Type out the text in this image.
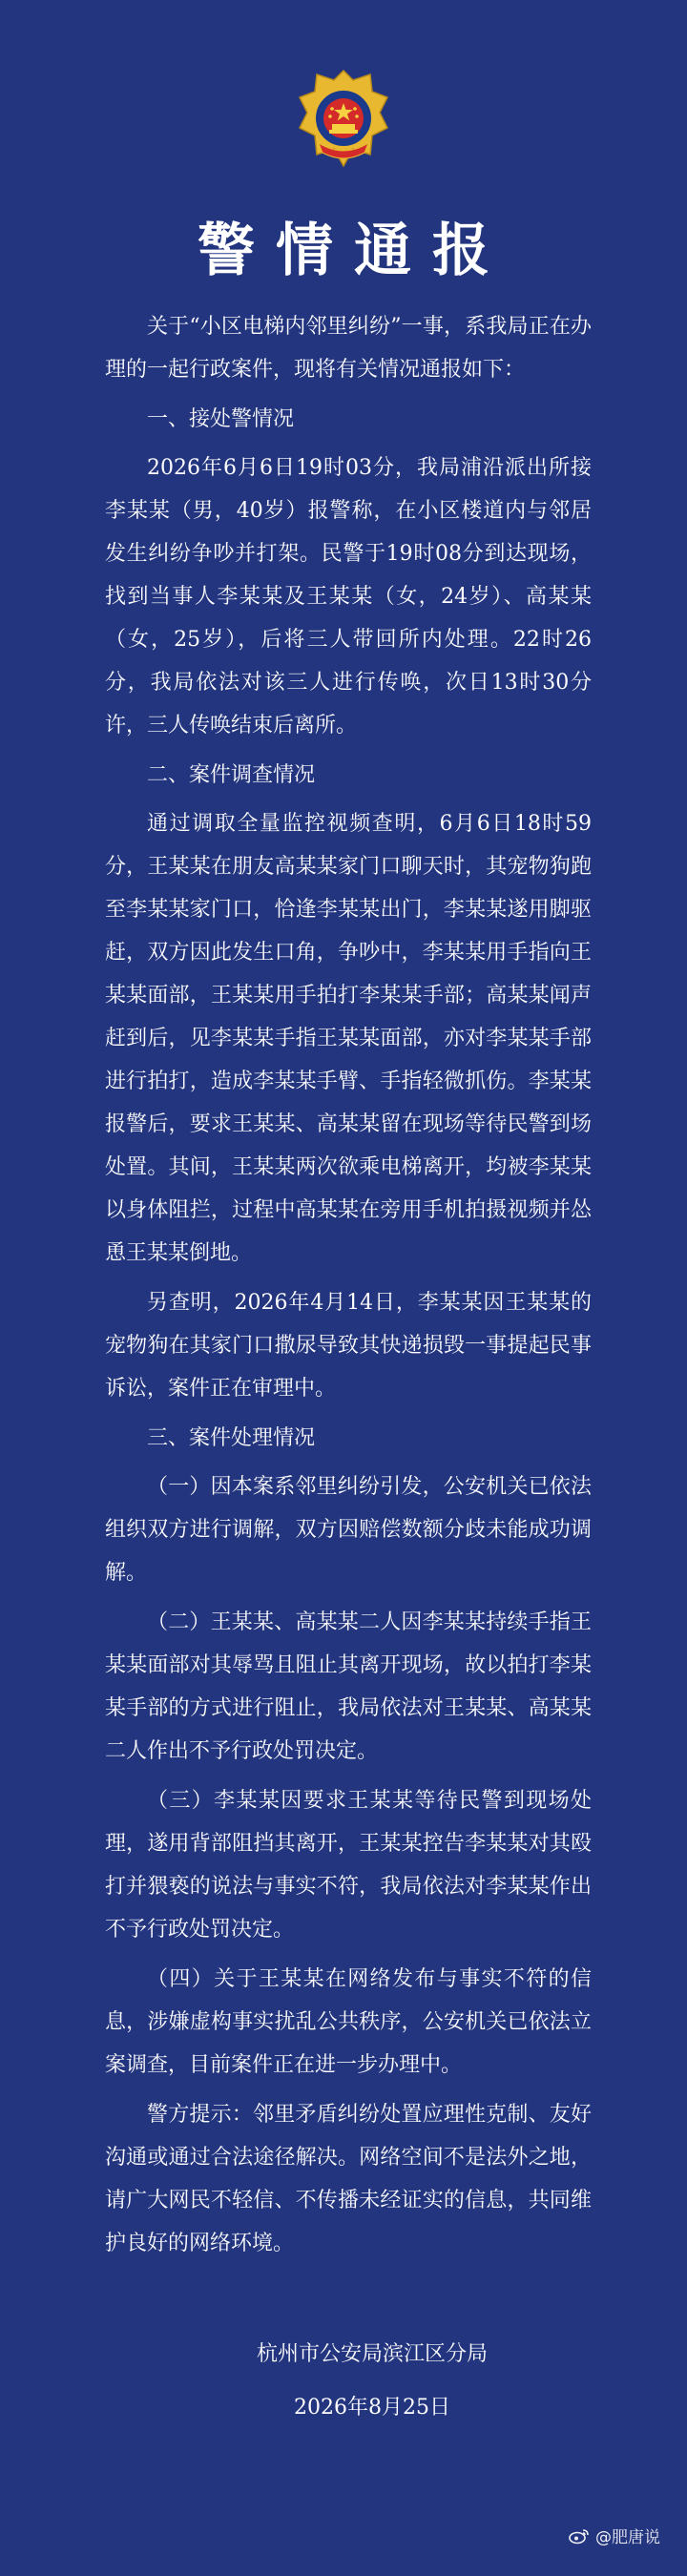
警情通报

关于“小区电梯内邻里纠纷”一事，系我局正在办理的一起行政案件，现将有关情况通报如下：

一、接处警情况

2026年6月6日19时03分，我局浦沿派出所接李某某（男，40岁）报警称，在小区楼道内与邻居发生纠纷争吵并打架。民警于19时08分到达现场，找到当事人李某某及王某某（女，24岁）、高某某（女，25岁），后将三人带回所内处理。22时26分，我局依法对该三人进行传唤，次日13时30分许，三人传唤结束后离所。

二、案件调查情况

通过调取全量监控视频查明，6月6日18时59分，王某某在朋友高某某家门口聊天时，其宠物狗跑至李某某家门口，恰逢李某某出门，李某某遂用脚驱赶，双方因此发生口角，争吵中，李某某用手指向王某某面部，王某某用手拍打李某某手部；高某某闻声赶到后，见李某某手指王某某面部，亦对李某某手部进行拍打，造成李某某手臂、手指轻微抓伤。李某某报警后，要求王某某、高某某留在现场等待民警到场处置。其间，王某某两次欲乘电梯离开，均被李某某以身体阻拦，过程中高某某在旁用手机拍摄视频并怂恿王某某倒地。

另查明，2026年4月14日，李某某因王某某的宠物狗在其家门口撒尿导致其快递损毁一事提起民事诉讼，案件正在审理中。

三、案件处理情况

（一）因本案系邻里纠纷引发，公安机关已依法组织双方进行调解，双方因赔偿数额分歧未能成功调解。

（二）王某某、高某某二人因李某某持续手指王某某面部对其辱骂且阻止其离开现场，故以拍打李某某手部的方式进行阻止，我局依法对王某某、高某某二人作出不予行政处罚决定。

（三）李某某因要求王某某等待民警到现场处理，遂用背部阻挡其离开，王某某控告李某某对其殴打并猥亵的说法与事实不符，我局依法对李某某作出不予行政处罚决定。

（四）关于王某某在网络发布与事实不符的信息，涉嫌虚构事实扰乱公共秩序，公安机关已依法立案调查，目前案件正在进一步办理中。

警方提示：邻里矛盾纠纷处置应理性克制、友好沟通或通过合法途径解决。网络空间不是法外之地，请广大网民不轻信、不传播未经证实的信息，共同维护良好的网络环境。

杭州市公安局滨江区分局
2026年8月25日
@肥唐说
